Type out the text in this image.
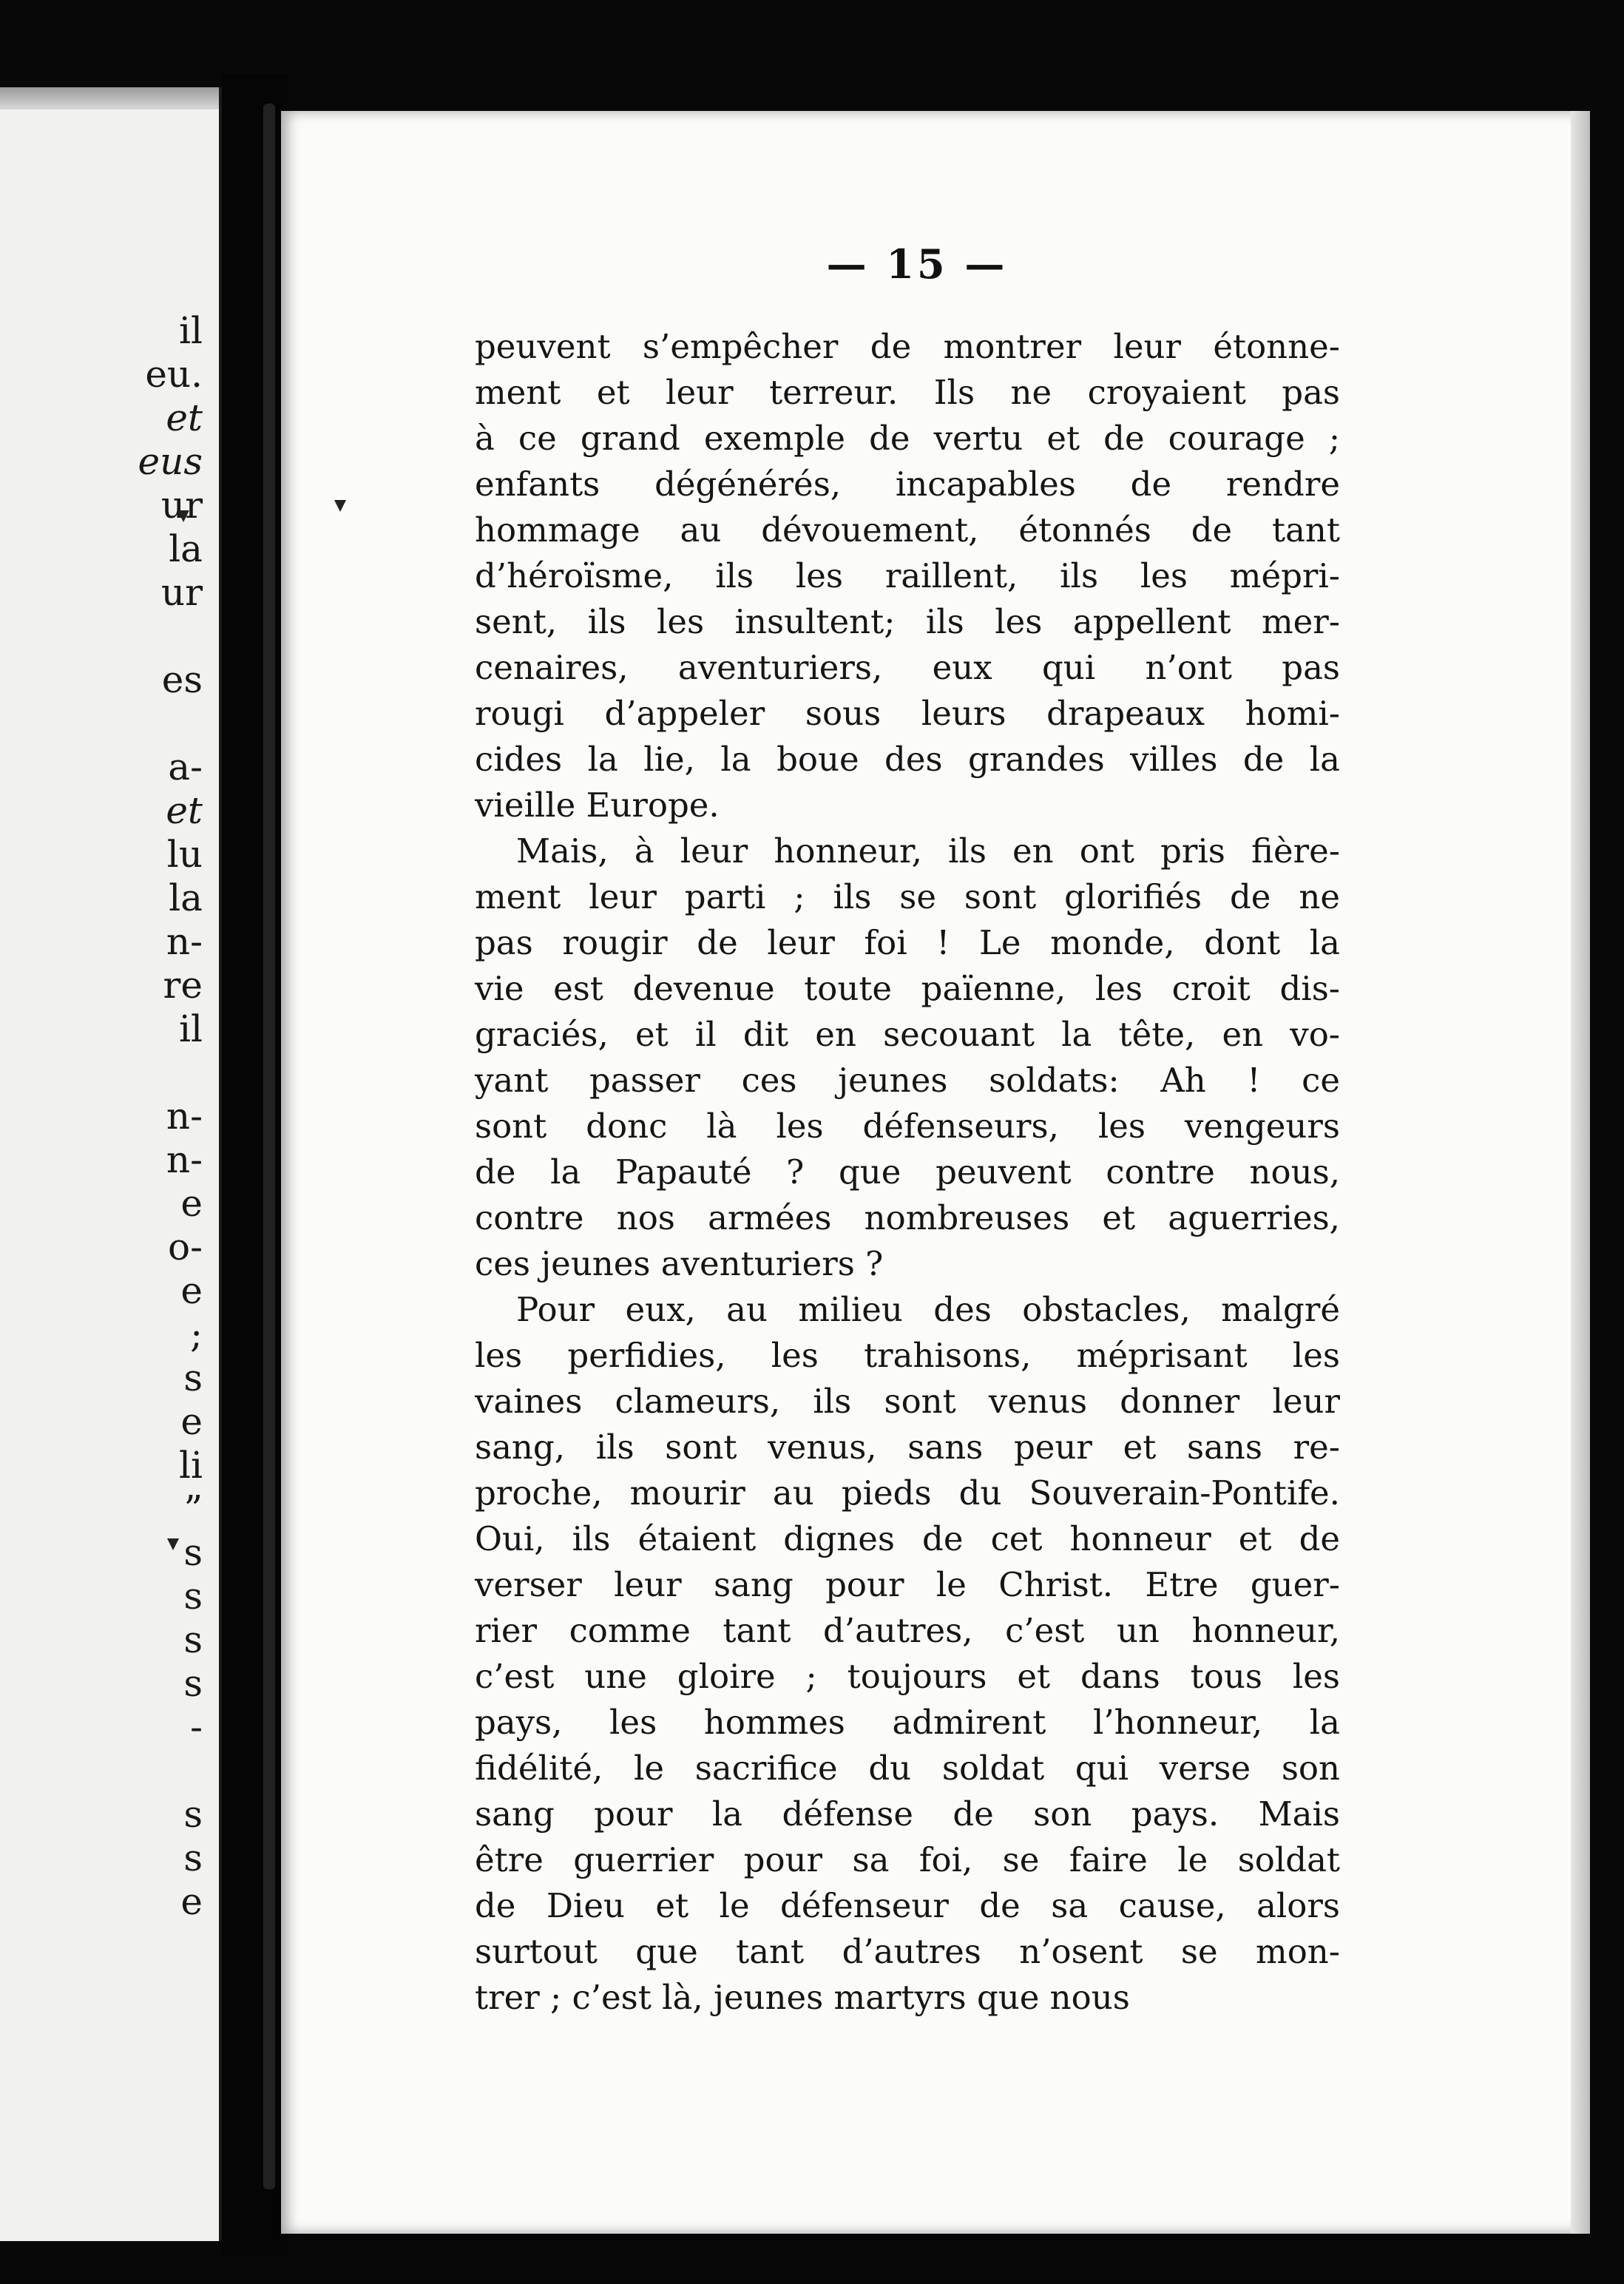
il
eu.
et
eus
ur
la
ur
es
a-
et
lu
la
n-
re
il
n-
n-
e
o-
e
;
s
e
li
”
s
s
s
s
-
s
s
e
— 15 —

peuvent s’empêcher de montrer leur étonne-
ment et leur terreur. Ils ne croyaient pas
à ce grand exemple de vertu et de courage ;
enfants dégénérés, incapables de rendre
hommage au dévouement, étonnés de tant
d’héroïsme, ils les raillent, ils les mépri-
sent, ils les insultent; ils les appellent mer-
cenaires, aventuriers, eux qui n’ont pas
rougi d’appeler sous leurs drapeaux homi-
cides la lie, la boue des grandes villes de la
vieille Europe.

Mais, à leur honneur, ils en ont pris fière-
ment leur parti ; ils se sont glorifiés de ne
pas rougir de leur foi ! Le monde, dont la
vie est devenue toute païenne, les croit dis-
graciés, et il dit en secouant la tête, en vo-
yant passer ces jeunes soldats: Ah ! ce
sont donc là les défenseurs, les vengeurs
de la Papauté ? que peuvent contre nous,
contre nos armées nombreuses et aguerries,
ces jeunes aventuriers ?

Pour eux, au milieu des obstacles, malgré
les perfidies, les trahisons, méprisant les
vaines clameurs, ils sont venus donner leur
sang, ils sont venus, sans peur et sans re-
proche, mourir au pieds du Souverain-Pontife.
Oui, ils étaient dignes de cet honneur et de
verser leur sang pour le Christ. Etre guer-
rier comme tant d’autres, c’est un honneur,
c’est une gloire ; toujours et dans tous les
pays, les hommes admirent l’honneur, la
fidélité, le sacrifice du soldat qui verse son
sang pour la défense de son pays. Mais
être guerrier pour sa foi, se faire le soldat
de Dieu et le défenseur de sa cause, alors
surtout que tant d’autres n’osent se mon-
trer ; c’est là, jeunes martyrs que nous
